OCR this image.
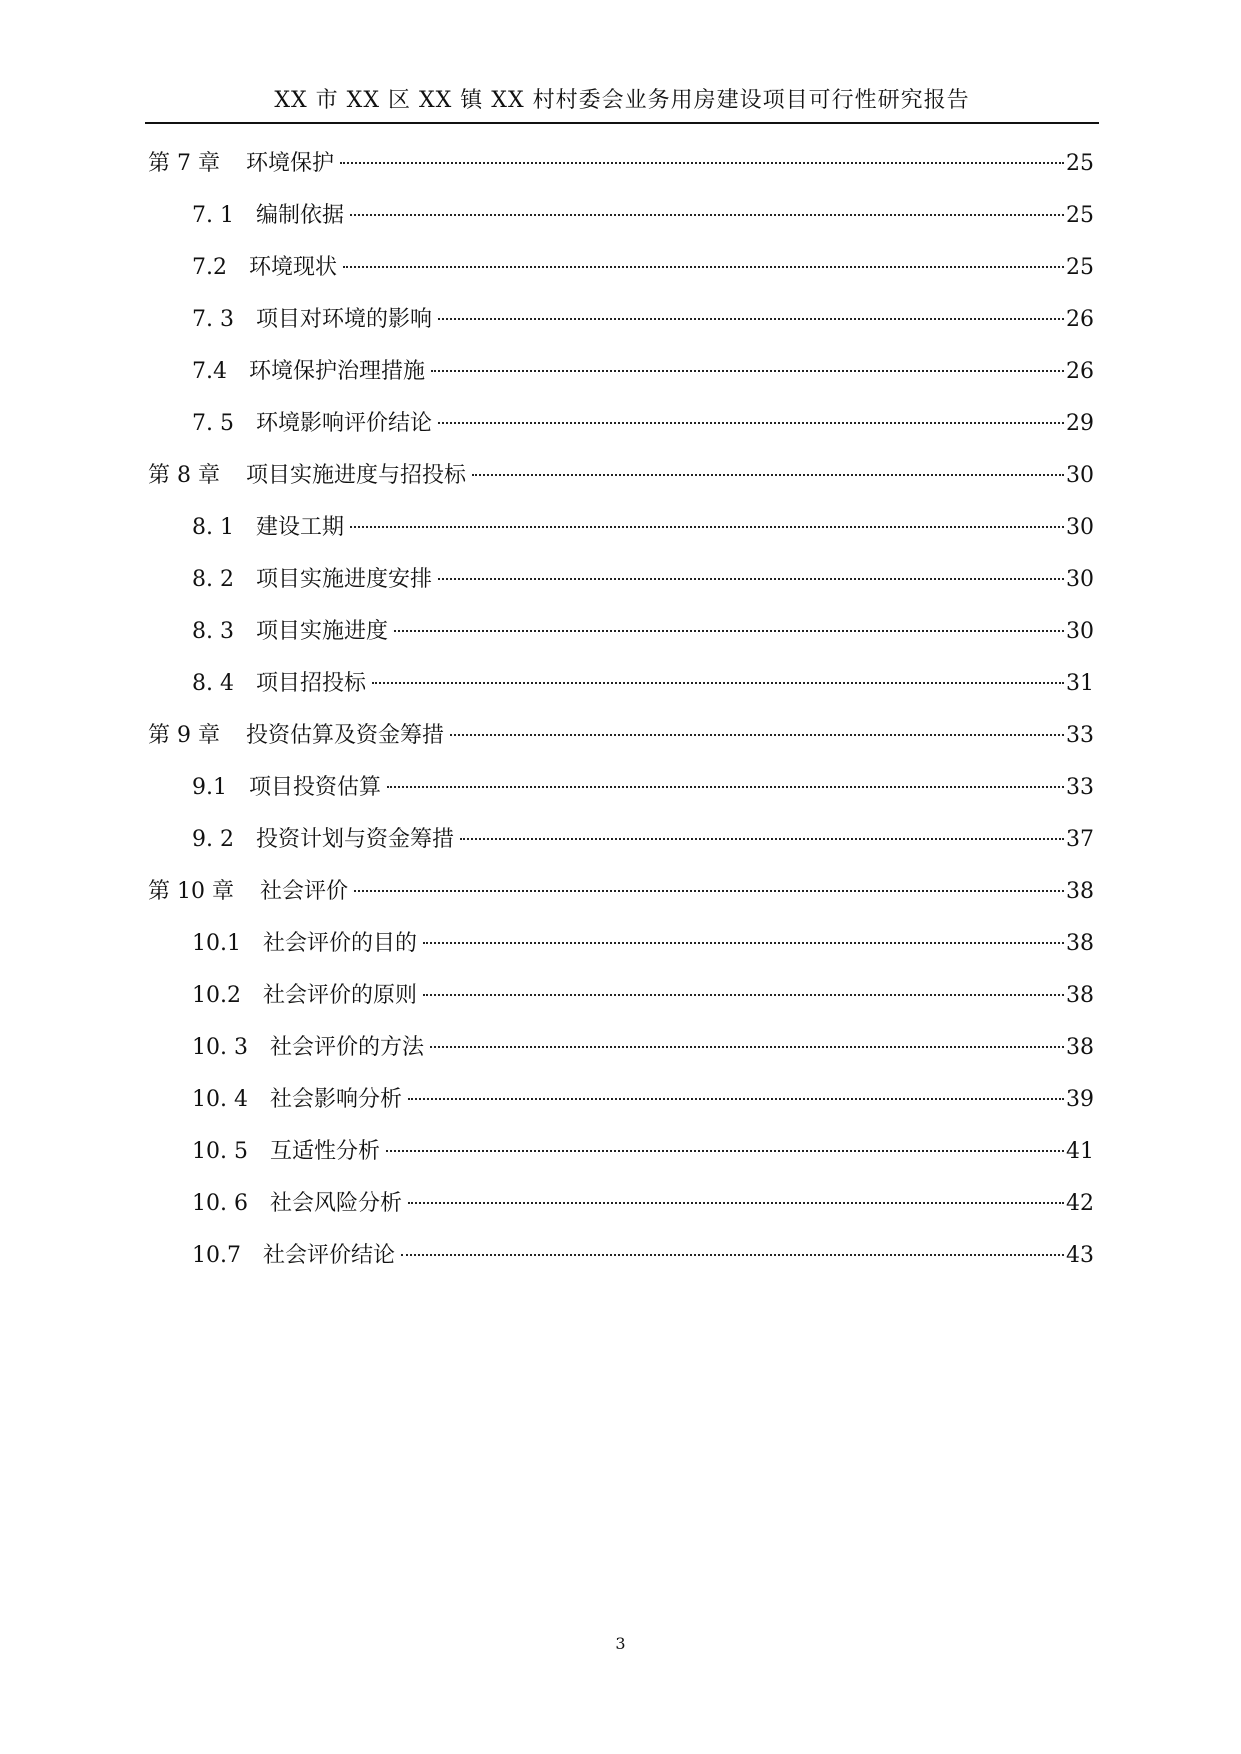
XX 市 XX 区 XX 镇 XX 村村委会业务用房建设项目可行性研究报告
第 7 章 环境保护	25
7. 1 编制依据	25
7.2 环境现状	25
7. 3 项目对环境的影响	26
7.4 环境保护治理措施	26
7. 5 环境影响评价结论	29
第 8 章 项目实施进度与招投标	30
8. 1 建设工期	30
8. 2 项目实施进度安排	30
8. 3 项目实施进度	30
8. 4 项目招投标	31
第 9 章 投资估算及资金筹措	33
9.1 项目投资估算	33
9. 2 投资计划与资金筹措	37
第 10 章 社会评价	38
10.1 社会评价的目的	38
10.2 社会评价的原则	38
10. 3 社会评价的方法	38
10. 4 社会影响分析	39
10. 5 互适性分析	41
10. 6 社会风险分析	42
10.7 社会评价结论	43
3
